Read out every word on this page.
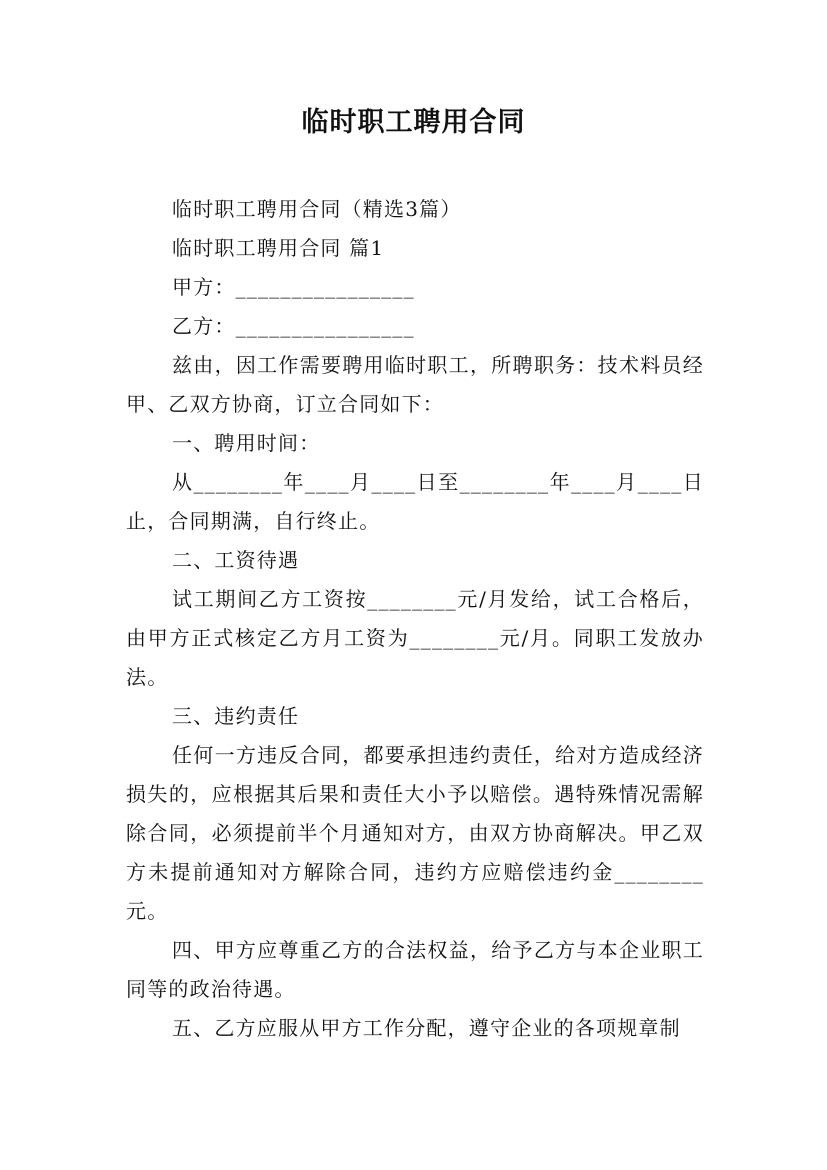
临时职工聘用合同

临时职工聘用合同（精选3篇）

临时职工聘用合同 篇1

甲方：________________

乙方：________________

兹由，因工作需要聘用临时职工，所聘职务：技术料员经甲、乙双方协商，订立合同如下：

一、聘用时间：

从________年____月____日至________年____月____日止，合同期满，自行终止。

二、工资待遇

试工期间乙方工资按________元/月发给，试工合格后，由甲方正式核定乙方月工资为________元/月。同职工发放办法。

三、违约责任

任何一方违反合同，都要承担违约责任，给对方造成经济损失的，应根据其后果和责任大小予以赔偿。遇特殊情况需解除合同，必须提前半个月通知对方，由双方协商解决。甲乙双方未提前通知对方解除合同，违约方应赔偿违约金________元。

四、甲方应尊重乙方的合法权益，给予乙方与本企业职工同等的政治待遇。

五、乙方应服从甲方工作分配，遵守企业的各项规章制
